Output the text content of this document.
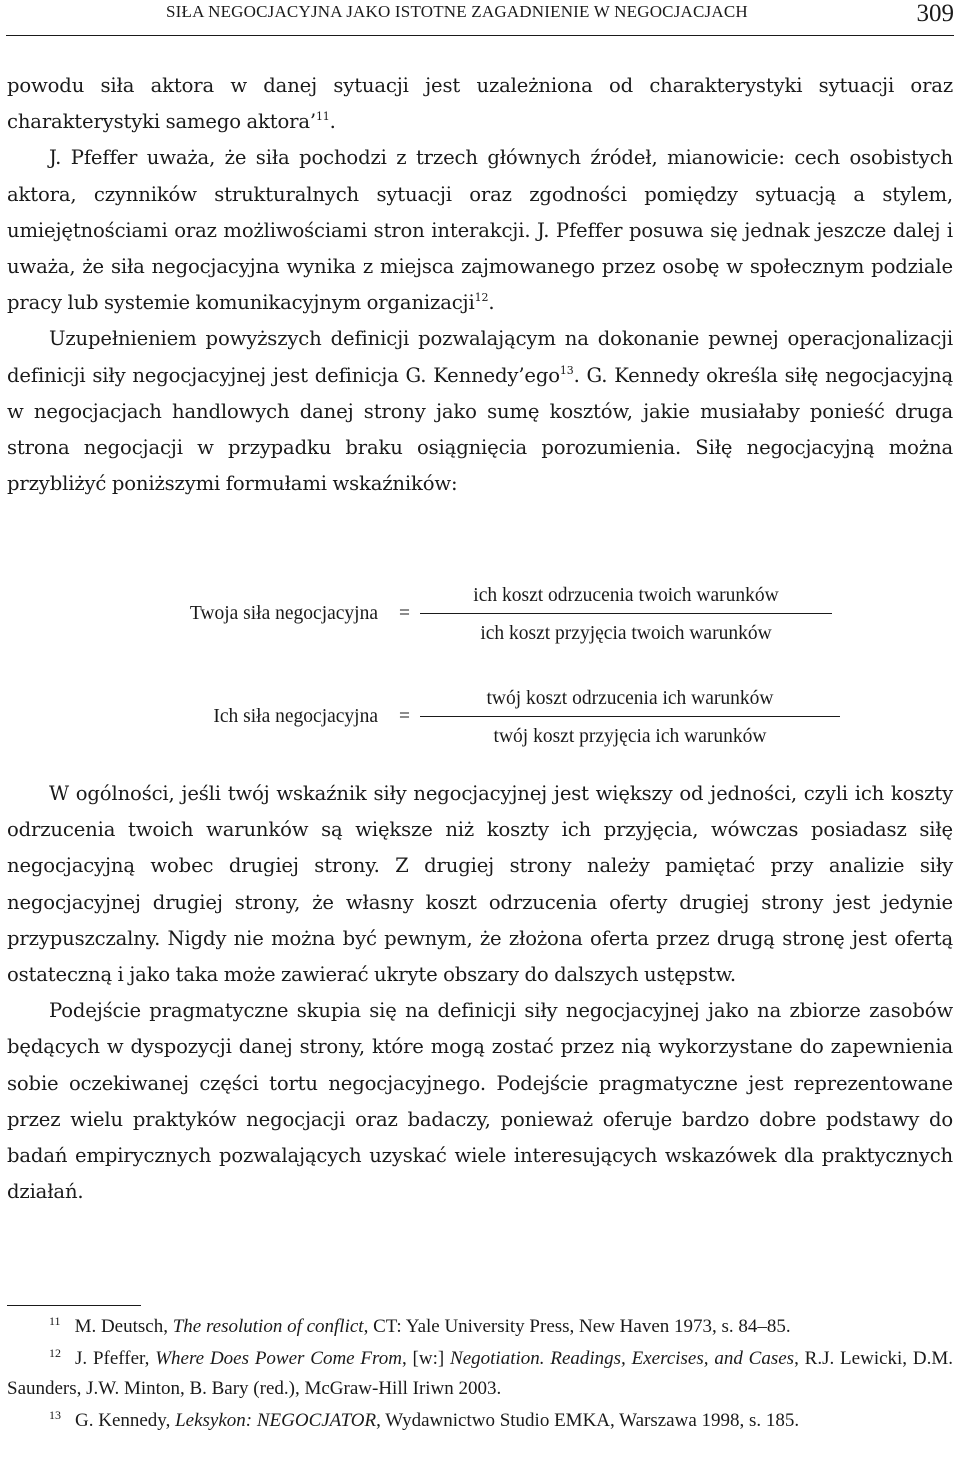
SIŁA NEGOCJACYJNA JAKO ISTOTNE ZAGADNIENIE W NEGOCJACJACH	309

powodu siła aktora w danej sytuacji jest uzależniona od charakterystyki sytuacji oraz charakterystyki samego aktora’$^{11}$.

J. Pfeffer uważa, że siła pochodzi z trzech głównych źródeł, mianowicie: cech osobistych aktora, czynników strukturalnych sytuacji oraz zgodności pomiędzy sytuacją a stylem, umiejętnościami oraz możliwościami stron interakcji. J. Pfeffer posuwa się jednak jeszcze dalej i uważa, że siła negocjacyjna wynika z miejsca zajmowanego przez osobę w społecznym podziale pracy lub systemie komunikacyjnym organizacji$^{12}$.

Uzupełnieniem powyższych definicji pozwalającym na dokonanie pewnej operacjonalizacji definicji siły negocjacyjnej jest definicja G. Kennedy’ego$^{13}$. G. Kennedy określa siłę negocjacyjną w negocjacjach handlowych danej strony jako sumę kosztów, jakie musiałaby ponieść druga strona negocjacji w przypadku braku osiągnięcia porozumienia. Siłę negocjacyjną można przybliżyć poniższymi formułami wskaźników:

Twoja siła negocjacyjna =
ich koszt odrzucenia twoich warunków
ich koszt przyjęcia twoich warunków
Ich siła negocjacyjna =
twój koszt odrzucenia ich warunków
twój koszt przyjęcia ich warunków

W ogólności, jeśli twój wskaźnik siły negocjacyjnej jest większy od jedności, czyli ich koszty odrzucenia twoich warunków są większe niż koszty ich przyjęcia, wówczas posiadasz siłę negocjacyjną wobec drugiej strony. Z drugiej strony należy pamiętać przy analizie siły negocjacyjnej drugiej strony, że własny koszt odrzucenia oferty drugiej strony jest jedynie przypuszczalny. Nigdy nie można być pewnym, że złożona oferta przez drugą stronę jest ofertą ostateczną i jako taka może zawierać ukryte obszary do dalszych ustępstw.

Podejście pragmatyczne skupia się na definicji siły negocjacyjnej jako na zbiorze zasobów będących w dyspozycji danej strony, które mogą zostać przez nią wykorzystane do zapewnienia sobie oczekiwanej części tortu negocjacyjnego. Podejście pragmatyczne jest reprezentowane przez wielu praktyków negocjacji oraz badaczy, ponieważ oferuje bardzo dobre podstawy do badań empirycznych pozwalających uzyskać wiele interesujących wskazówek dla praktycznych działań.

$^{11}$ M. Deutsch, The resolution of conflict, CT: Yale University Press, New Haven 1973, s. 84–85.

$^{12}$ J. Pfeffer, Where Does Power Come From, [w:] Negotiation. Readings, Exercises, and Cases, R.J. Lewicki, D.M. Saunders, J.W. Minton, B. Bary (red.), McGraw-Hill Iriwn 2003.

$^{13}$ G. Kennedy, Leksykon: NEGOCJATOR, Wydawnictwo Studio EMKA, Warszawa 1998, s. 185.
